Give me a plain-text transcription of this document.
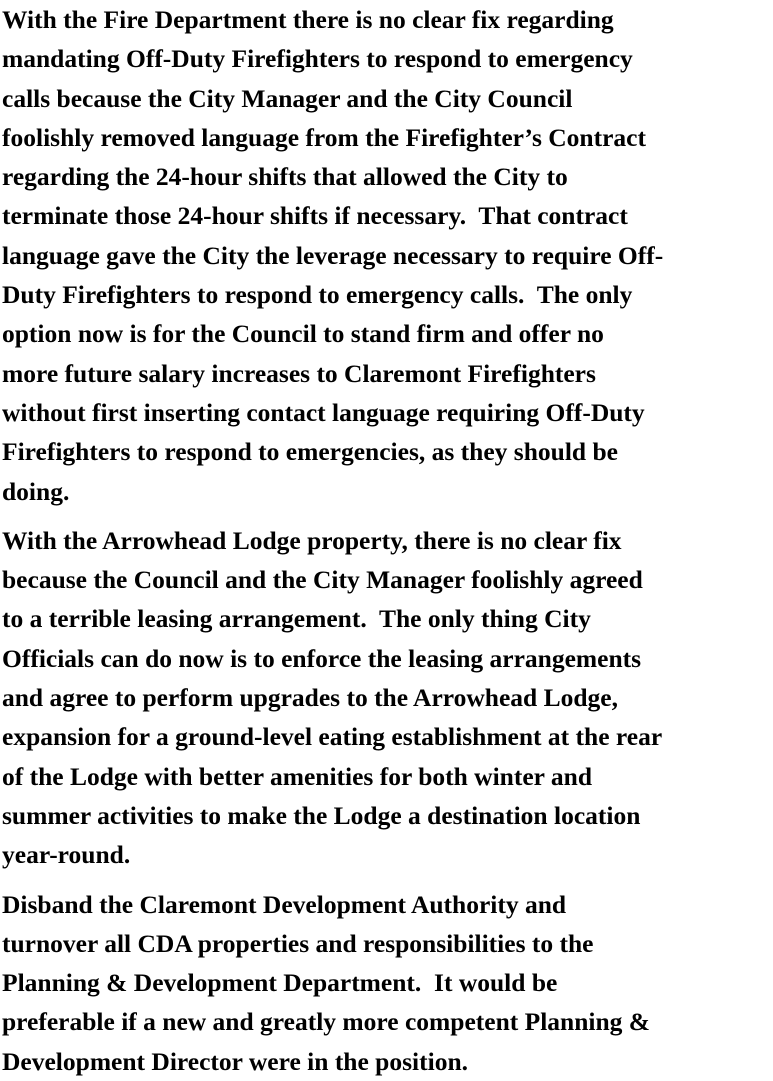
With the Fire Department there is no clear fix regarding
mandating Off-Duty Firefighters to respond to emergency
calls because the City Manager and the City Council
foolishly removed language from the Firefighter’s Contract
regarding the 24-hour shifts that allowed the City to
terminate those 24-hour shifts if necessary.  That contract
language gave the City the leverage necessary to require Off-
Duty Firefighters to respond to emergency calls.  The only
option now is for the Council to stand firm and offer no
more future salary increases to Claremont Firefighters
without first inserting contact language requiring Off-Duty
Firefighters to respond to emergencies, as they should be
doing.

With the Arrowhead Lodge property, there is no clear fix
because the Council and the City Manager foolishly agreed
to a terrible leasing arrangement.  The only thing City
Officials can do now is to enforce the leasing arrangements
and agree to perform upgrades to the Arrowhead Lodge,
expansion for a ground-level eating establishment at the rear
of the Lodge with better amenities for both winter and
summer activities to make the Lodge a destination location
year-round.

Disband the Claremont Development Authority and
turnover all CDA properties and responsibilities to the
Planning & Development Department.  It would be
preferable if a new and greatly more competent Planning &
Development Director were in the position.
